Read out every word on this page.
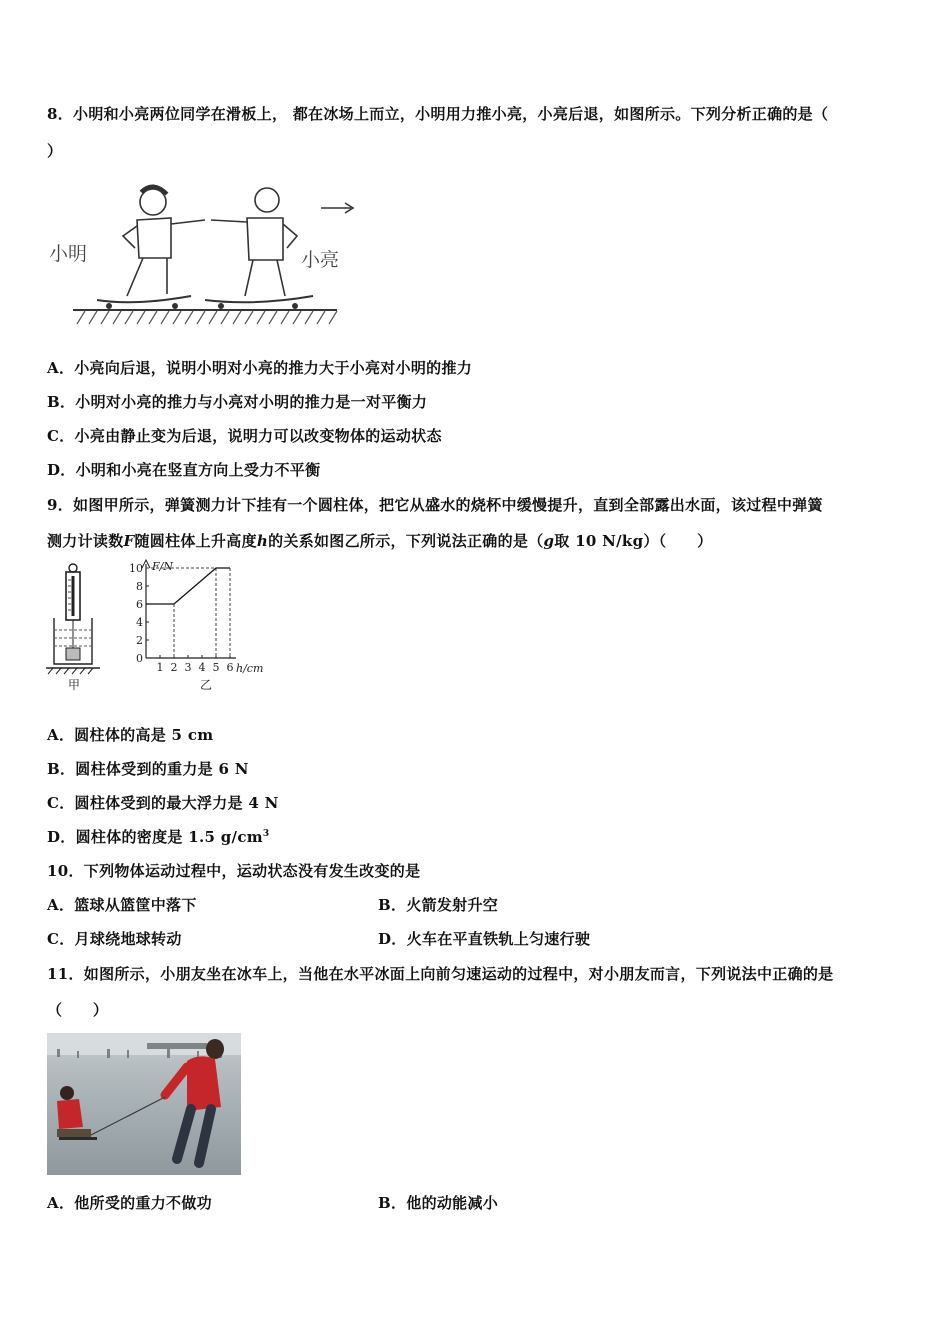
8．小明和小亮两位同学在滑板上， 都在冰场上而立，小明用力推小亮，小亮后退，如图所示。下列分析正确的是（
）
小明	小亮
A．小亮向后退，说明小明对小亮的推力大于小亮对小明的推力
B．小明对小亮的推力与小亮对小明的推力是一对平衡力
C．小亮由静止变为后退，说明力可以改变物体的运动状态
D．小明和小亮在竖直方向上受力不平衡
9．如图甲所示，弹簧测力计下挂有一个圆柱体，把它从盛水的烧杯中缓慢提升，直到全部露出水面，该过程中弹簧
测力计读数F随圆柱体上升高度h的关系如图乙所示，下列说法正确的是（g取 10 N/kg）（　　）
甲
0
2
4
6
8
10
1 2 3 4 5 6
F/N
h/cm
乙
A．圆柱体的高是 5 cm
B．圆柱体受到的重力是 6 N
C．圆柱体受到的最大浮力是 4 N
D．圆柱体的密度是 1.5 $g/cm^3$
10．下列物体运动过程中，运动状态没有发生改变的是
A．篮球从篮筐中落下	B．火箭发射升空
C．月球绕地球转动	D．火车在平直铁轨上匀速行驶
11．如图所示，小朋友坐在冰车上，当他在水平冰面上向前匀速运动的过程中，对小朋友而言，下列说法中正确的是
（　　）
A．他所受的重力不做功	B．他的动能减小
